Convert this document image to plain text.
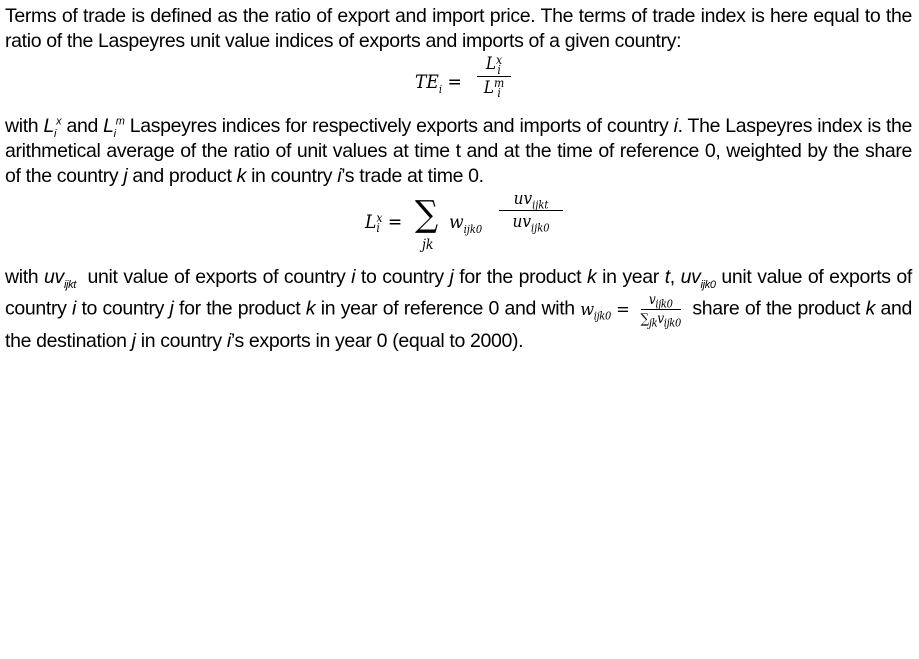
Terms of trade is defined as the ratio of export and import price. The terms of trade index is here equal to the ratio of the Laspeyres unit value indices of exports and imports of a given country:

$TE_i$ =
L x
i
L m
i

with $L_i^x$ and $L_i^m$ Laspeyres indices for respectively exports and imports of country i. The Laspeyres index is the arithmetical average of the ratio of unit values at time t and at the time of reference 0, weighted by the share of the country j and product k in country i’s trade at time 0.

L x
i = ∑
jk
$w_{ijk0}$
$uv_{ijkt}$
$uv_{ijk0}$

with $uv_{ijkt}$  unit value of exports of country i to country j for the product k in year t, $uv_{ijk0}$ unit value of exports of country i to country j for the product k in year of reference 0 and with $w_{ijk0}$ =	$v_{ijk0}$
$\sum_{jk}v_{ijk0}$
share of the product k and the destination j in country i’s exports in year 0 (equal to 2000).
